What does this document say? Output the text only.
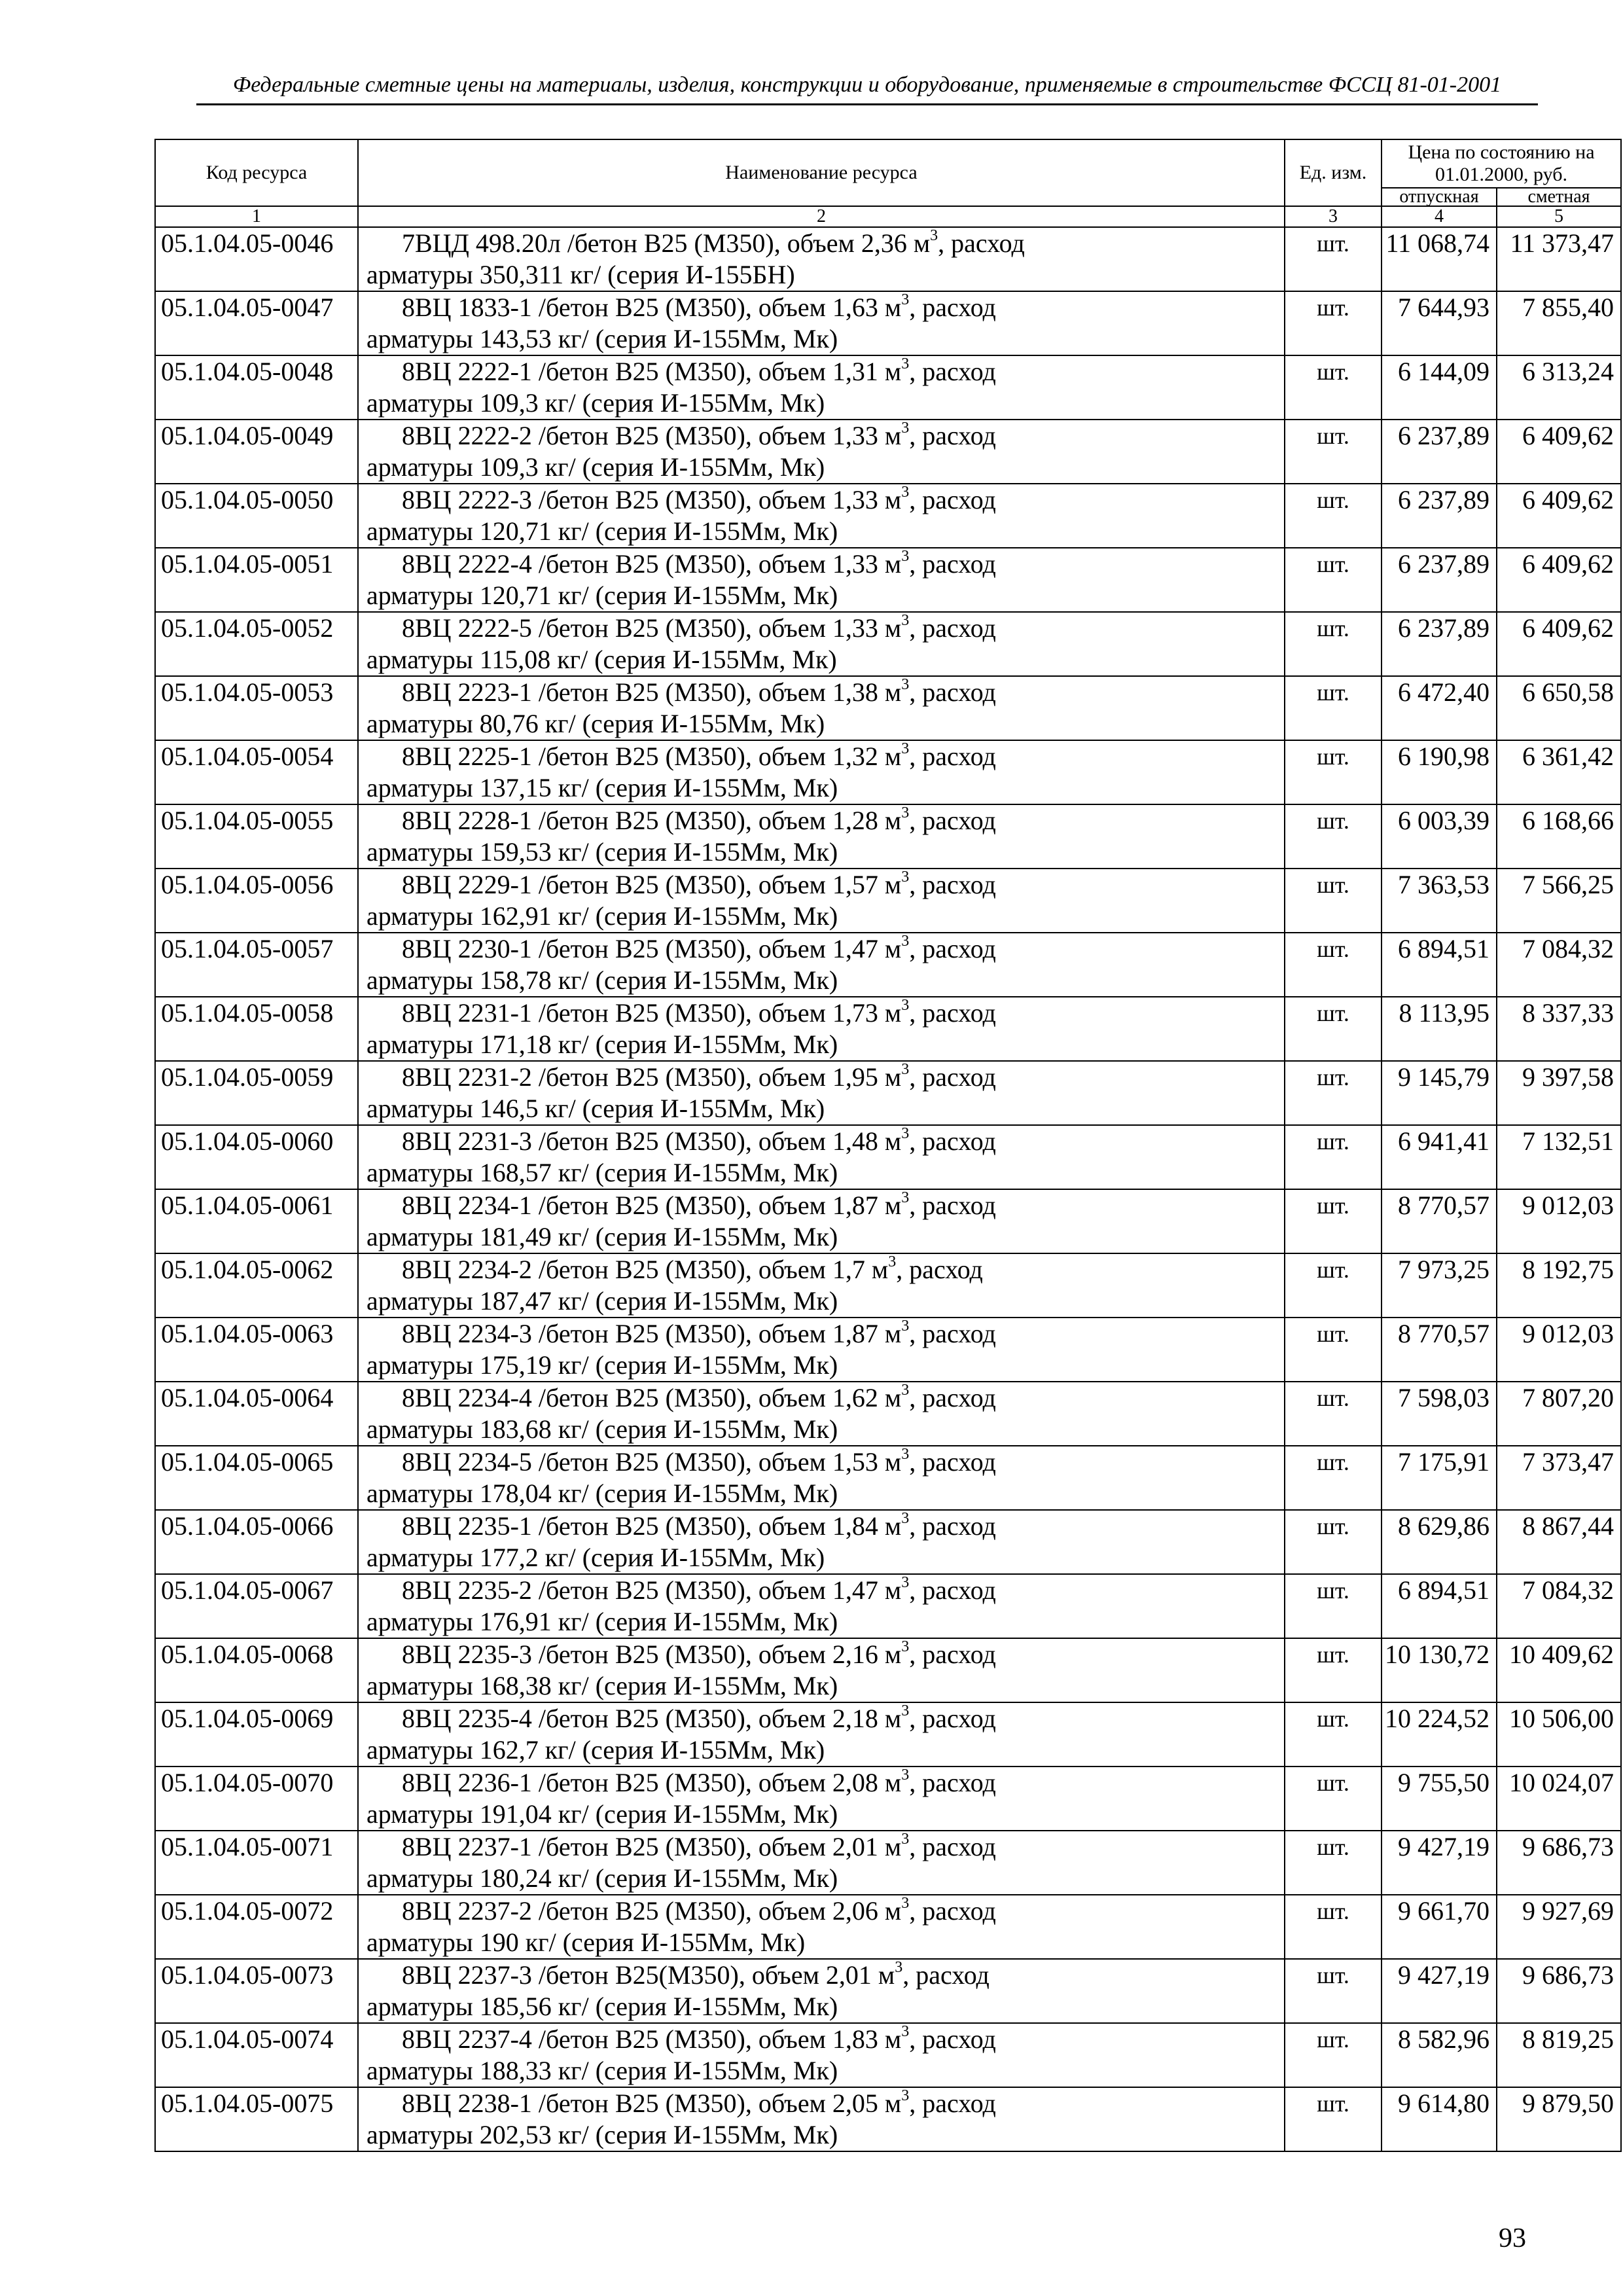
Федеральные сметные цены на материалы, изделия, конструкции и оборудование, применяемые в строительстве ФССЦ 81-01-2001
Код ресурса	Наименование ресурса	Ед. изм.	Цена по состоянию на 01.01.2000, руб.	
			отпускная	сметная
1	2	3	4	5
05.1.04.05-0046	7ВЦД 498.20л /бетон В25 (М350), объем 2,36 $м^3$, расход
арматуры 350,311 кг/ (серия И-155БН)	шт.	11 068,74	11 373,47
05.1.04.05-0047	8ВЦ 1833-1 /бетон В25 (М350), объем 1,63 $м^3$, расход
арматуры 143,53 кг/ (серия И-155Мм, Мк)	шт.	7 644,93	7 855,40
05.1.04.05-0048	8ВЦ 2222-1 /бетон В25 (М350), объем 1,31 $м^3$, расход
арматуры 109,3 кг/ (серия И-155Мм, Мк)	шт.	6 144,09	6 313,24
05.1.04.05-0049	8ВЦ 2222-2 /бетон В25 (М350), объем 1,33 $м^3$, расход
арматуры 109,3 кг/ (серия И-155Мм, Мк)	шт.	6 237,89	6 409,62
05.1.04.05-0050	8ВЦ 2222-3 /бетон В25 (М350), объем 1,33 $м^3$, расход
арматуры 120,71 кг/ (серия И-155Мм, Мк)	шт.	6 237,89	6 409,62
05.1.04.05-0051	8ВЦ 2222-4 /бетон В25 (М350), объем 1,33 $м^3$, расход
арматуры 120,71 кг/ (серия И-155Мм, Мк)	шт.	6 237,89	6 409,62
05.1.04.05-0052	8ВЦ 2222-5 /бетон В25 (М350), объем 1,33 $м^3$, расход
арматуры 115,08 кг/ (серия И-155Мм, Мк)	шт.	6 237,89	6 409,62
05.1.04.05-0053	8ВЦ 2223-1 /бетон В25 (М350), объем 1,38 $м^3$, расход
арматуры 80,76 кг/ (серия И-155Мм, Мк)	шт.	6 472,40	6 650,58
05.1.04.05-0054	8ВЦ 2225-1 /бетон В25 (М350), объем 1,32 $м^3$, расход
арматуры 137,15 кг/ (серия И-155Мм, Мк)	шт.	6 190,98	6 361,42
05.1.04.05-0055	8ВЦ 2228-1 /бетон В25 (М350), объем 1,28 $м^3$, расход
арматуры 159,53 кг/ (серия И-155Мм, Мк)	шт.	6 003,39	6 168,66
05.1.04.05-0056	8ВЦ 2229-1 /бетон В25 (М350), объем 1,57 $м^3$, расход
арматуры 162,91 кг/ (серия И-155Мм, Мк)	шт.	7 363,53	7 566,25
05.1.04.05-0057	8ВЦ 2230-1 /бетон В25 (М350), объем 1,47 $м^3$, расход
арматуры 158,78 кг/ (серия И-155Мм, Мк)	шт.	6 894,51	7 084,32
05.1.04.05-0058	8ВЦ 2231-1 /бетон В25 (М350), объем 1,73 $м^3$, расход
арматуры 171,18 кг/ (серия И-155Мм, Мк)	шт.	8 113,95	8 337,33
05.1.04.05-0059	8ВЦ 2231-2 /бетон В25 (М350), объем 1,95 $м^3$, расход
арматуры 146,5 кг/ (серия И-155Мм, Мк)	шт.	9 145,79	9 397,58
05.1.04.05-0060	8ВЦ 2231-3 /бетон В25 (М350), объем 1,48 $м^3$, расход
арматуры 168,57 кг/ (серия И-155Мм, Мк)	шт.	6 941,41	7 132,51
05.1.04.05-0061	8ВЦ 2234-1 /бетон В25 (М350), объем 1,87 $м^3$, расход
арматуры 181,49 кг/ (серия И-155Мм, Мк)	шт.	8 770,57	9 012,03
05.1.04.05-0062	8ВЦ 2234-2 /бетон В25 (М350), объем 1,7 $м^3$, расход
арматуры 187,47 кг/ (серия И-155Мм, Мк)	шт.	7 973,25	8 192,75
05.1.04.05-0063	8ВЦ 2234-3 /бетон В25 (М350), объем 1,87 $м^3$, расход
арматуры 175,19 кг/ (серия И-155Мм, Мк)	шт.	8 770,57	9 012,03
05.1.04.05-0064	8ВЦ 2234-4 /бетон В25 (М350), объем 1,62 $м^3$, расход
арматуры 183,68 кг/ (серия И-155Мм, Мк)	шт.	7 598,03	7 807,20
05.1.04.05-0065	8ВЦ 2234-5 /бетон В25 (М350), объем 1,53 $м^3$, расход
арматуры 178,04 кг/ (серия И-155Мм, Мк)	шт.	7 175,91	7 373,47
05.1.04.05-0066	8ВЦ 2235-1 /бетон В25 (М350), объем 1,84 $м^3$, расход
арматуры 177,2 кг/ (серия И-155Мм, Мк)	шт.	8 629,86	8 867,44
05.1.04.05-0067	8ВЦ 2235-2 /бетон В25 (М350), объем 1,47 $м^3$, расход
арматуры 176,91 кг/ (серия И-155Мм, Мк)	шт.	6 894,51	7 084,32
05.1.04.05-0068	8ВЦ 2235-3 /бетон В25 (М350), объем 2,16 $м^3$, расход
арматуры 168,38 кг/ (серия И-155Мм, Мк)	шт.	10 130,72	10 409,62
05.1.04.05-0069	8ВЦ 2235-4 /бетон В25 (М350), объем 2,18 $м^3$, расход
арматуры 162,7 кг/ (серия И-155Мм, Мк)	шт.	10 224,52	10 506,00
05.1.04.05-0070	8ВЦ 2236-1 /бетон В25 (М350), объем 2,08 $м^3$, расход
арматуры 191,04 кг/ (серия И-155Мм, Мк)	шт.	9 755,50	10 024,07
05.1.04.05-0071	8ВЦ 2237-1 /бетон В25 (М350), объем 2,01 $м^3$, расход
арматуры 180,24 кг/ (серия И-155Мм, Мк)	шт.	9 427,19	9 686,73
05.1.04.05-0072	8ВЦ 2237-2 /бетон В25 (М350), объем 2,06 $м^3$, расход
арматуры 190 кг/ (серия И-155Мм, Мк)	шт.	9 661,70	9 927,69
05.1.04.05-0073	8ВЦ 2237-3 /бетон В25(М350), объем 2,01 $м^3$, расход
арматуры 185,56 кг/ (серия И-155Мм, Мк)	шт.	9 427,19	9 686,73
05.1.04.05-0074	8ВЦ 2237-4 /бетон В25 (М350), объем 1,83 $м^3$, расход
арматуры 188,33 кг/ (серия И-155Мм, Мк)	шт.	8 582,96	8 819,25
05.1.04.05-0075	8ВЦ 2238-1 /бетон В25 (М350), объем 2,05 $м^3$, расход
арматуры 202,53 кг/ (серия И-155Мм, Мк)	шт.	9 614,80	9 879,50
93
